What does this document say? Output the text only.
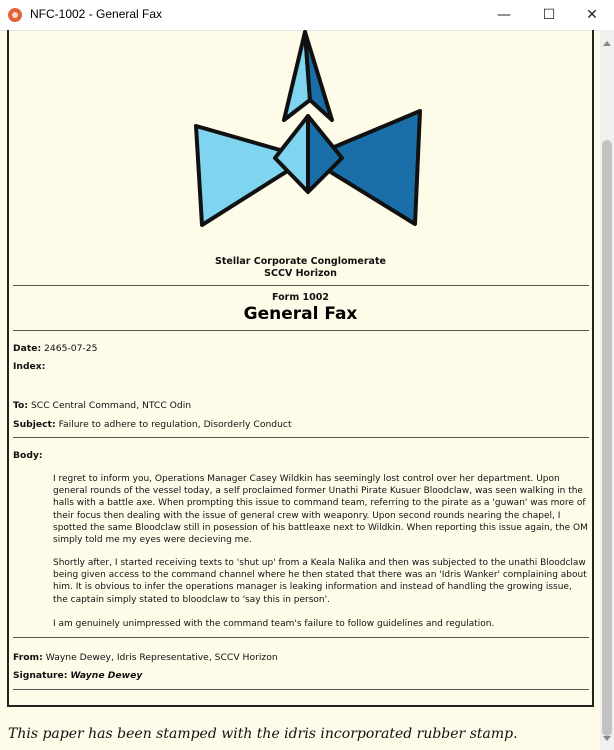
NFC-1002 - General Fax	—	☐	✕
Stellar Corporate Conglomerate
SCCV Horizon
Form 1002
General Fax
Date: 2465-07-25
Index:
To: SCC Central Command, NTCC Odin
Subject: Failure to adhere to regulation, Disorderly Conduct
Body:

I regret to inform you, Operations Manager Casey Wildkin has seemingly lost control over her department. Upon general rounds of the vessel today, a self proclaimed former Unathi Pirate Kusuer Bloodclaw, was seen walking in the halls with a battle axe. When prompting this issue to command team, referring to the pirate as a 'guwan' was more of their focus then dealing with the issue of general crew with weaponry. Upon second rounds nearing the chapel, I spotted the same Bloodclaw still in posession of his battleaxe next to Wildkin. When reporting this issue again, the OM simply told me my eyes were decieving me.

Shortly after, I started receiving texts to 'shut up' from a Keala Nalika and then was subjected to the unathi Bloodclaw being given access to the command channel where he then stated that there was an 'Idris Wanker' complaining about him. It is obvious to infer the operations manager is leaking information and instead of handling the growing issue, the captain simply stated to bloodclaw to 'say this in person'.

I am genuinely unimpressed with the command team's failure to follow guidelines and regulation.

From: Wayne Dewey, Idris Representative, SCCV Horizon
Signature: Wayne Dewey
This paper has been stamped with the idris incorporated rubber stamp.
